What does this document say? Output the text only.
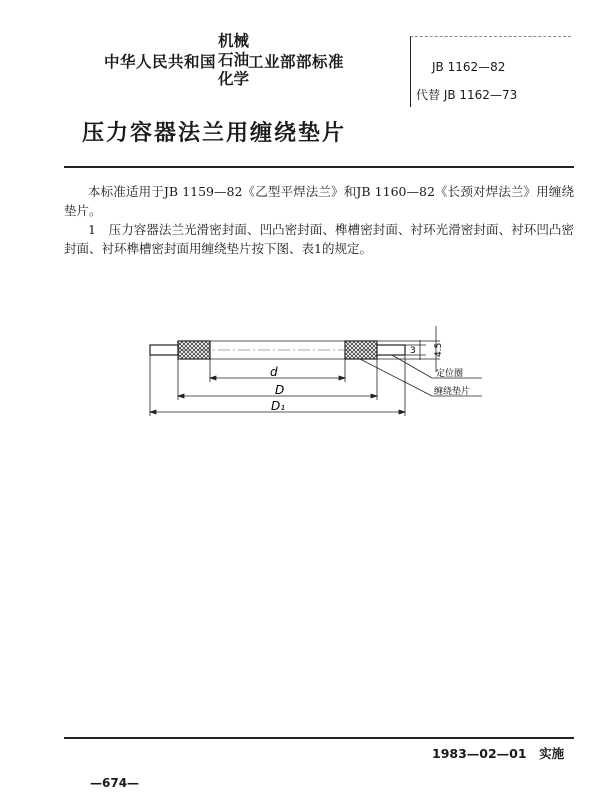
中华人民共和国
机械
石油
化学
工业部部标准	JB 1162—82
代替 JB 1162—73
压力容器法兰用缠绕垫片
本标准适用于JB 1159—82《乙型平焊法兰》和JB 1160—82《长颈对焊法兰》用缠绕垫片。
1　压力容器法兰光滑密封面、凹凸密封面、榫槽密封面、衬环光滑密封面、衬环凹凸密封面、衬环榫槽密封面用缠绕垫片按下图、表1的规定。
d
D
D₁
3 4.5
定位圈
缠绕垫片
1983—02—01　实施
—674—
